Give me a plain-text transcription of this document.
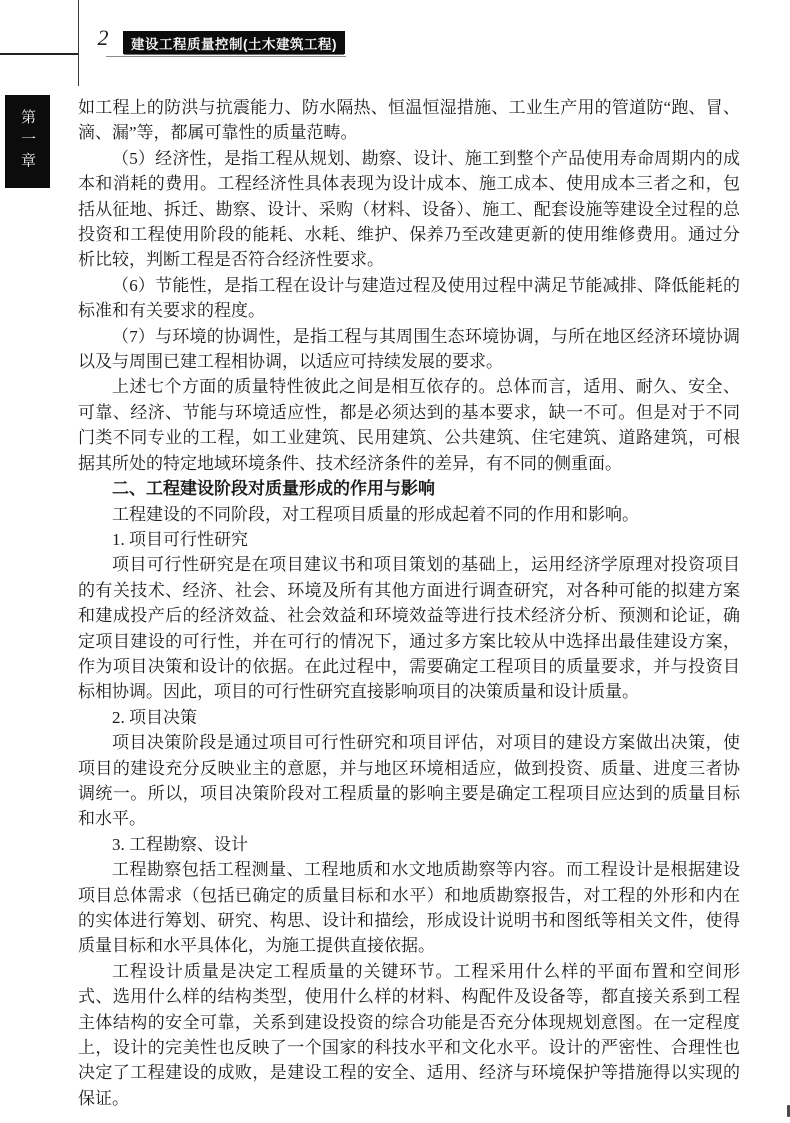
2	建设工程质量控制(土木建筑工程)
第一章

如工程上的防洪与抗震能力、防水隔热、恒温恒湿措施、工业生产用的管道防“跑、冒、滴、漏”等，都属可靠性的质量范畴。

（5）经济性，是指工程从规划、勘察、设计、施工到整个产品使用寿命周期内的成本和消耗的费用。工程经济性具体表现为设计成本、施工成本、使用成本三者之和，包括从征地、拆迁、勘察、设计、采购（材料、设备）、施工、配套设施等建设全过程的总投资和工程使用阶段的能耗、水耗、维护、保养乃至改建更新的使用维修费用。通过分析比较，判断工程是否符合经济性要求。

（6）节能性，是指工程在设计与建造过程及使用过程中满足节能减排、降低能耗的标准和有关要求的程度。

（7）与环境的协调性，是指工程与其周围生态环境协调，与所在地区经济环境协调以及与周围已建工程相协调，以适应可持续发展的要求。

上述七个方面的质量特性彼此之间是相互依存的。总体而言，适用、耐久、安全、可靠、经济、节能与环境适应性，都是必须达到的基本要求，缺一不可。但是对于不同门类不同专业的工程，如工业建筑、民用建筑、公共建筑、住宅建筑、道路建筑，可根据其所处的特定地域环境条件、技术经济条件的差异，有不同的侧重面。

二、工程建设阶段对质量形成的作用与影响

工程建设的不同阶段，对工程项目质量的形成起着不同的作用和影响。

1. 项目可行性研究

项目可行性研究是在项目建议书和项目策划的基础上，运用经济学原理对投资项目的有关技术、经济、社会、环境及所有其他方面进行调查研究，对各种可能的拟建方案和建成投产后的经济效益、社会效益和环境效益等进行技术经济分析、预测和论证，确定项目建设的可行性，并在可行的情况下，通过多方案比较从中选择出最佳建设方案，作为项目决策和设计的依据。在此过程中，需要确定工程项目的质量要求，并与投资目标相协调。因此，项目的可行性研究直接影响项目的决策质量和设计质量。

2. 项目决策

项目决策阶段是通过项目可行性研究和项目评估，对项目的建设方案做出决策，使项目的建设充分反映业主的意愿，并与地区环境相适应，做到投资、质量、进度三者协调统一。所以，项目决策阶段对工程质量的影响主要是确定工程项目应达到的质量目标和水平。

3. 工程勘察、设计

工程勘察包括工程测量、工程地质和水文地质勘察等内容。而工程设计是根据建设项目总体需求（包括已确定的质量目标和水平）和地质勘察报告，对工程的外形和内在的实体进行筹划、研究、构思、设计和描绘，形成设计说明书和图纸等相关文件，使得质量目标和水平具体化，为施工提供直接依据。

工程设计质量是决定工程质量的关键环节。工程采用什么样的平面布置和空间形式、选用什么样的结构类型，使用什么样的材料、构配件及设备等，都直接关系到工程主体结构的安全可靠，关系到建设投资的综合功能是否充分体现规划意图。在一定程度上，设计的完美性也反映了一个国家的科技水平和文化水平。设计的严密性、合理性也决定了工程建设的成败，是建设工程的安全、适用、经济与环境保护等措施得以实现的保证。
